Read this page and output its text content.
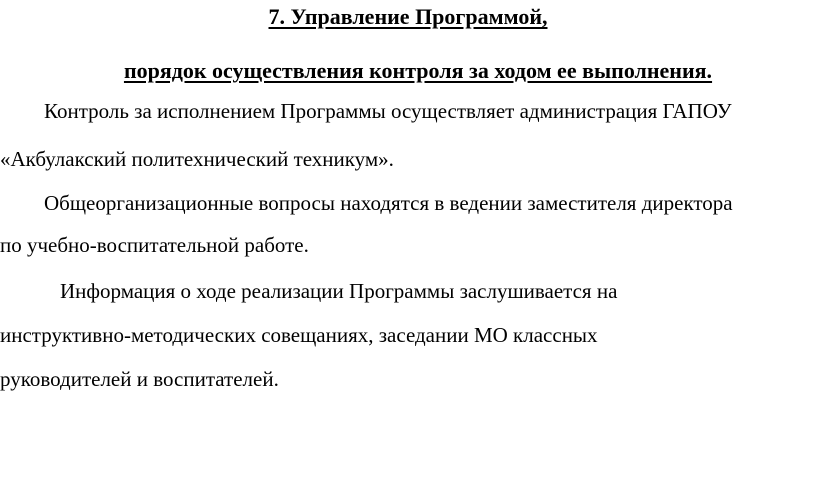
7. Управление Программой,
порядок осуществления контроля за ходом ее выполнения.
Контроль за исполнением Программы осуществляет администрация ГАПОУ
«Акбулакский политехнический техникум».
Общеорганизационные вопросы находятся в ведении заместителя директора
по учебно-воспитательной работе.
Информация о ходе реализации Программы заслушивается на
инструктивно-методических совещаниях, заседании МО классных
руководителей и воспитателей.
